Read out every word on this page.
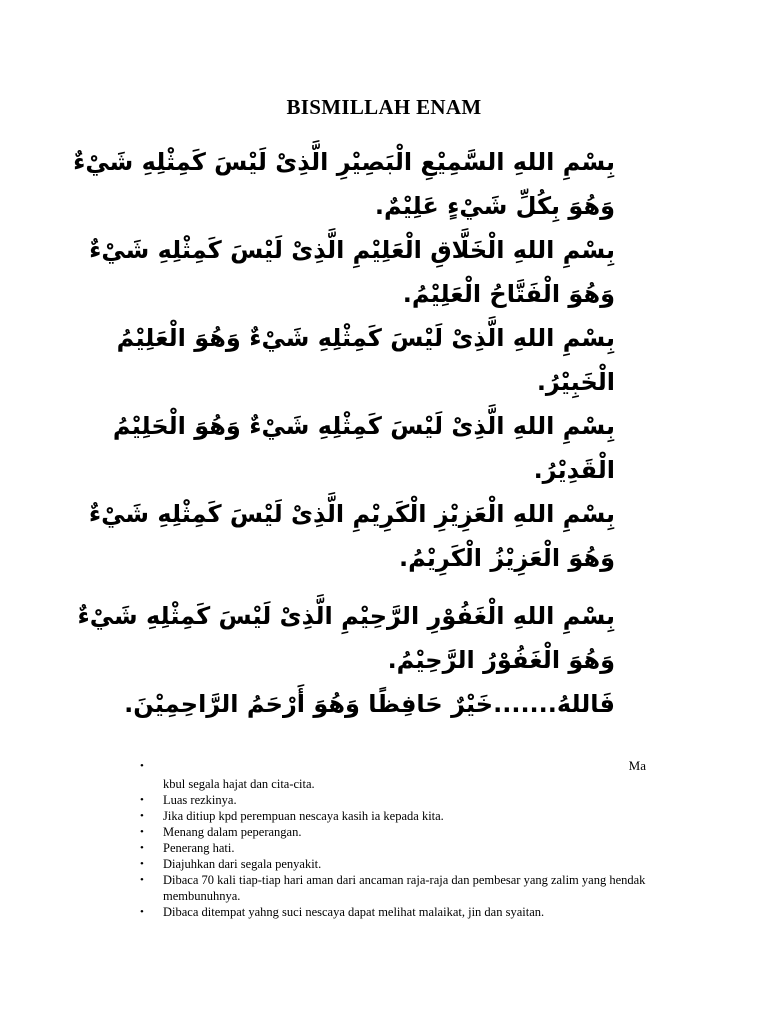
BISMILLAH ENAM
بِسْمِ اللهِ السَّمِيْعِ الْبَصِيْرِ الَّذِىْ لَيْسَ كَمِثْلِهِ شَيْءٌ
وَهُوَ بِكُلِّ شَيْءٍ عَلِيْمٌ.
بِسْمِ اللهِ الْخَلَّاقِ الْعَلِيْمِ الَّذِىْ لَيْسَ كَمِثْلِهِ شَيْءٌ
وَهُوَ الْفَتَّاحُ الْعَلِيْمُ.
بِسْمِ اللهِ الَّذِىْ لَيْسَ كَمِثْلِهِ شَيْءٌ وَهُوَ الْعَلِيْمُ
الْخَبِيْرُ.
بِسْمِ اللهِ الَّذِىْ لَيْسَ كَمِثْلِهِ شَيْءٌ وَهُوَ الْحَلِيْمُ
الْقَدِيْرُ.
بِسْمِ اللهِ الْعَزِيْزِ الْكَرِيْمِ الَّذِىْ لَيْسَ كَمِثْلِهِ شَيْءٌ
وَهُوَ الْعَزِيْزُ الْكَرِيْمُ.
بِسْمِ اللهِ الْغَفُوْرِ الرَّحِيْمِ الَّذِىْ لَيْسَ كَمِثْلِهِ شَيْءٌ
وَهُوَ الْغَفُوْرُ الرَّحِيْمُ.
فَاللهُ.......خَيْرٌ حَافِظًا وَهُوَ أَرْحَمُ الرَّاحِمِيْنَ.
•	Ma
kbul segala hajat dan cita-cita.
• Luas rezkinya.
• Jika ditiup kpd perempuan nescaya kasih ia kepada kita.
• Menang dalam peperangan.
• Penerang hati.
• Diajuhkan dari segala penyakit.
• Dibaca 70 kali tiap-tiap hari aman dari ancaman raja-raja dan pembesar yang zalim yang hendak membunuhnya.
• Dibaca ditempat yahng suci nescaya dapat melihat malaikat, jin dan syaitan.
